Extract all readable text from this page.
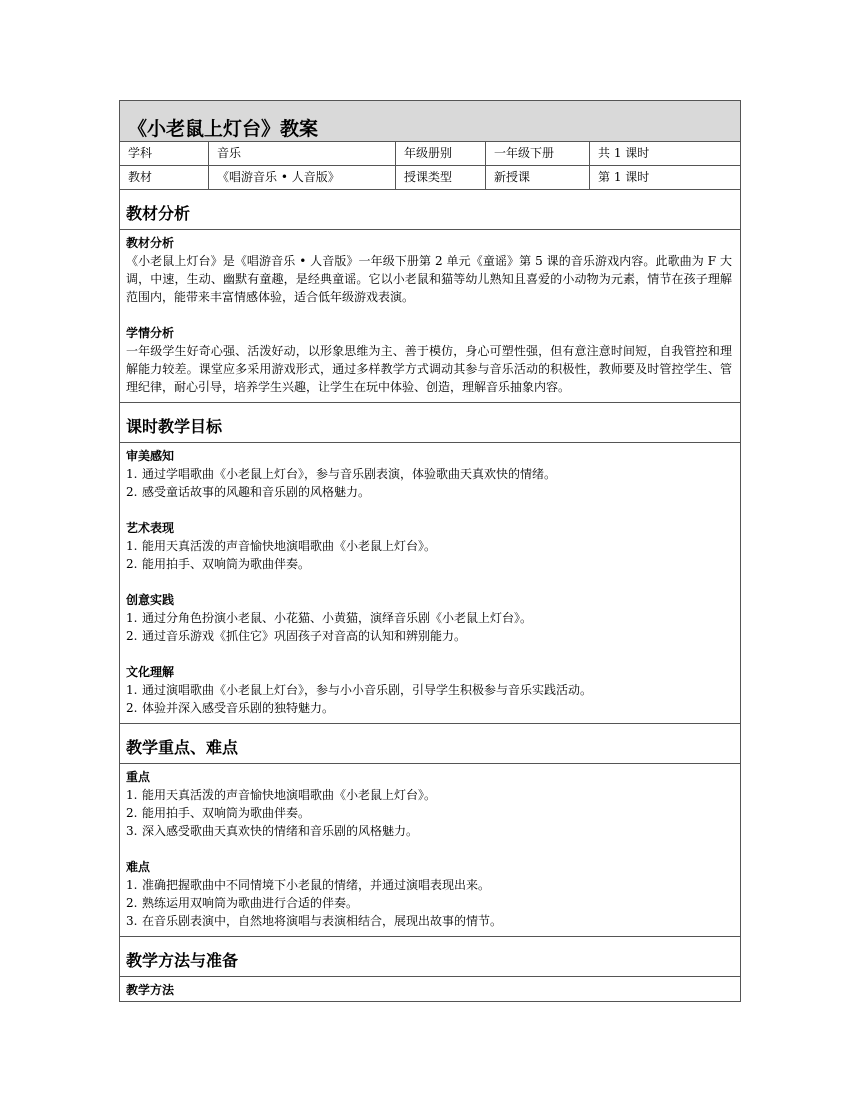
《小老鼠上灯台》教案
学科	音乐	年级册别	一年级下册	共 1 课时
教材	《唱游音乐 • 人音版》	授课类型	新授课	第 1 课时
教材分析
教材分析
《小老鼠上灯台》是《唱游音乐 • 人音版》一年级下册第 2 单元《童谣》第 5 课的音乐游戏内容。此歌曲为 F 大调，中速，生动、幽默有童趣，是经典童谣。它以小老鼠和猫等幼儿熟知且喜爱的小动物为元素，情节在孩子理解范围内，能带来丰富情感体验，适合低年级游戏表演。
学情分析
一年级学生好奇心强、活泼好动，以形象思维为主、善于模仿，身心可塑性强，但有意注意时间短，自我管控和理解能力较差。课堂应多采用游戏形式，通过多样教学方式调动其参与音乐活动的积极性，教师要及时管控学生、管理纪律，耐心引导，培养学生兴趣，让学生在玩中体验、创造，理解音乐抽象内容。
课时教学目标
审美感知
1. 通过学唱歌曲《小老鼠上灯台》，参与音乐剧表演，体验歌曲天真欢快的情绪。
2. 感受童话故事的风趣和音乐剧的风格魅力。
艺术表现
1. 能用天真活泼的声音愉快地演唱歌曲《小老鼠上灯台》。
2. 能用拍手、双响筒为歌曲伴奏。
创意实践
1. 通过分角色扮演小老鼠、小花猫、小黄猫，演绎音乐剧《小老鼠上灯台》。
2. 通过音乐游戏《抓住它》巩固孩子对音高的认知和辨别能力。
文化理解
1. 通过演唱歌曲《小老鼠上灯台》，参与小小音乐剧，引导学生积极参与音乐实践活动。
2. 体验并深入感受音乐剧的独特魅力。
教学重点、难点
重点
1. 能用天真活泼的声音愉快地演唱歌曲《小老鼠上灯台》。
2. 能用拍手、双响筒为歌曲伴奏。
3. 深入感受歌曲天真欢快的情绪和音乐剧的风格魅力。
难点
1. 准确把握歌曲中不同情境下小老鼠的情绪，并通过演唱表现出来。
2. 熟练运用双响筒为歌曲进行合适的伴奏。
3. 在音乐剧表演中，自然地将演唱与表演相结合，展现出故事的情节。
教学方法与准备
教学方法
